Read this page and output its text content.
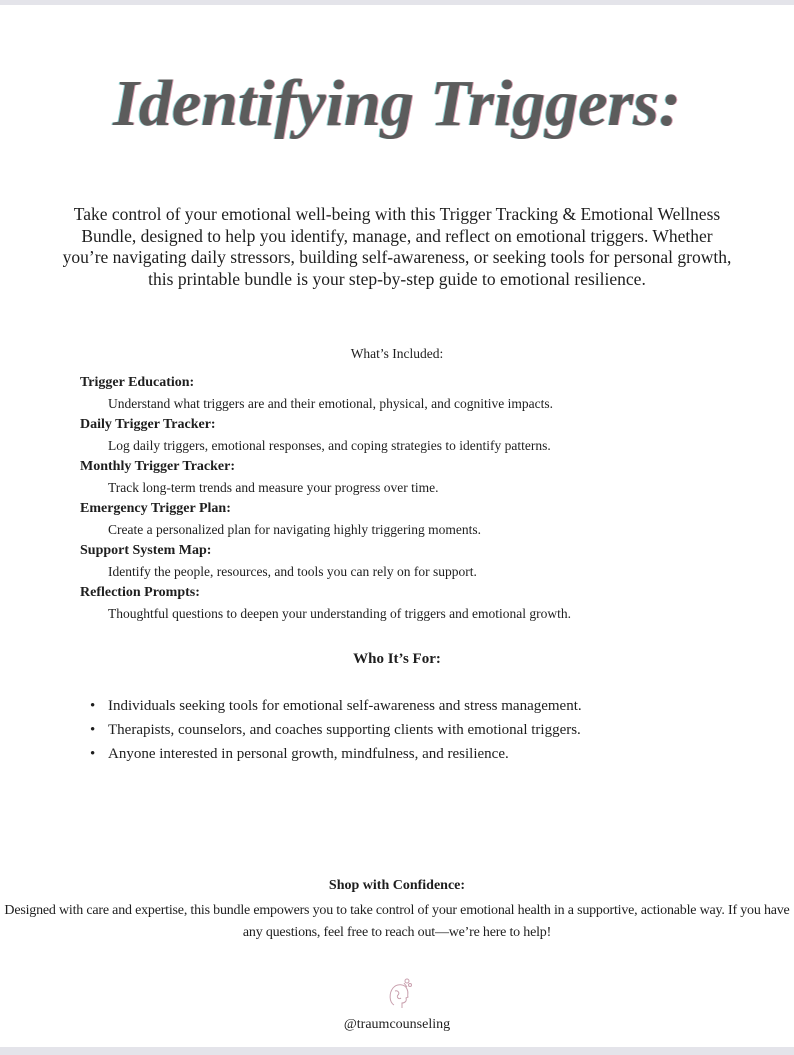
Identifying Triggers:

Take control of your emotional well-being with this Trigger Tracking & Emotional Wellness Bundle, designed to help you identify, manage, and reflect on emotional triggers. Whether you’re navigating daily stressors, building self-awareness, or seeking tools for personal growth, this printable bundle is your step-by-step guide to emotional resilience.

What’s Included:
Trigger Education:
Understand what triggers are and their emotional, physical, and cognitive impacts.
Daily Trigger Tracker:
Log daily triggers, emotional responses, and coping strategies to identify patterns.
Monthly Trigger Tracker:
Track long-term trends and measure your progress over time.
Emergency Trigger Plan:
Create a personalized plan for navigating highly triggering moments.
Support System Map:
Identify the people, resources, and tools you can rely on for support.
Reflection Prompts:
Thoughtful questions to deepen your understanding of triggers and emotional growth.
Who It’s For:
• Individuals seeking tools for emotional self-awareness and stress management.
• Therapists, counselors, and coaches supporting clients with emotional triggers.
• Anyone interested in personal growth, mindfulness, and resilience.
Shop with Confidence:
Designed with care and expertise, this bundle empowers you to take control of your emotional health in a supportive, actionable way. If you have any questions, feel free to reach out—we’re here to help!
@traumcounseling
